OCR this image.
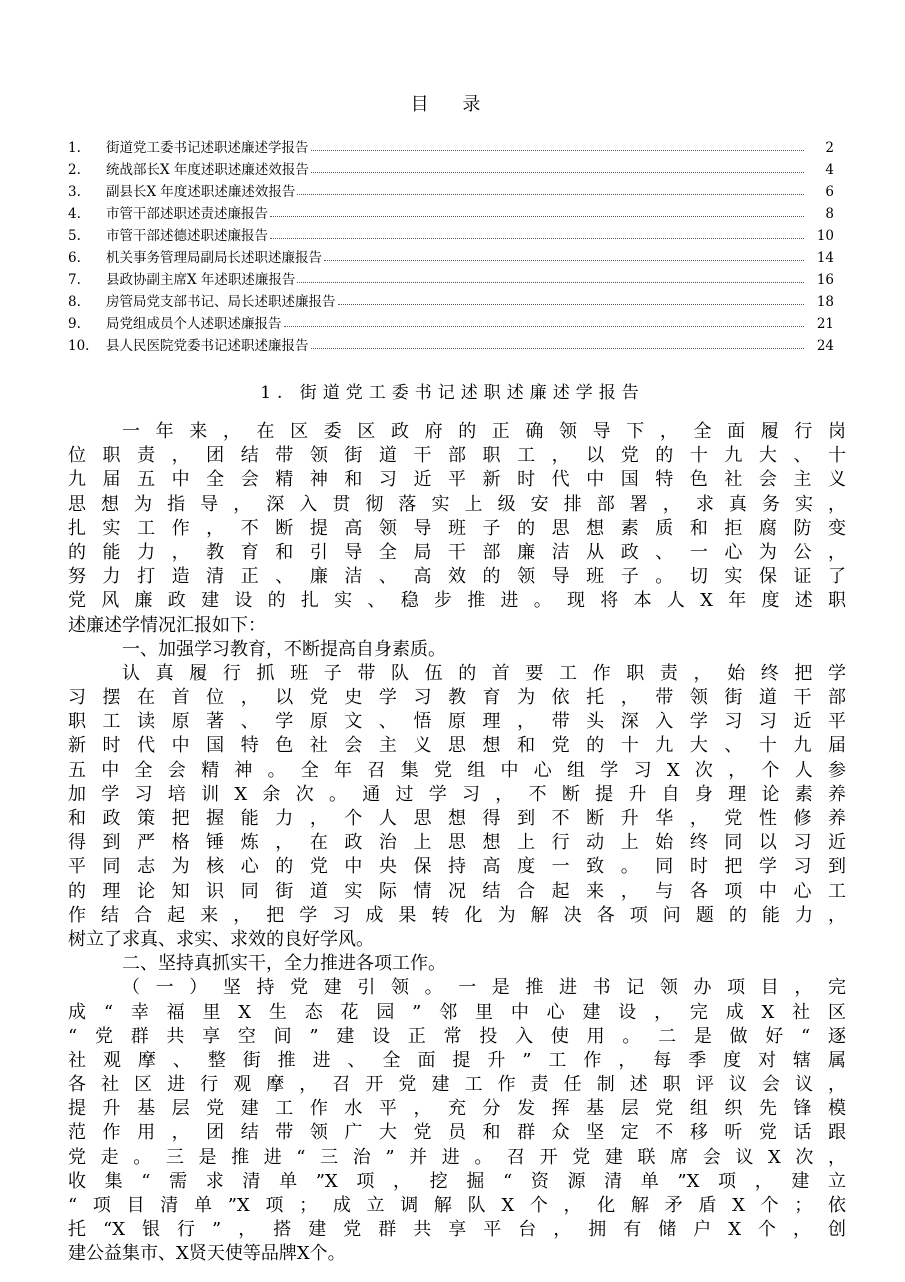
目 录
1.	街道党工委书记述职述廉述学报告	2
2.	统战部长X 年度述职述廉述效报告	4
3.	副县长X 年度述职述廉述效报告	6
4.	市管干部述职述责述廉报告	8
5.	市管干部述德述职述廉报告	10
6.	机关事务管理局副局长述职述廉报告	14
7.	县政协副主席X 年述职述廉报告	16
8.	房管局党支部书记、局长述职述廉报告	18
9.	局党组成员个人述职述廉报告	21
10.	县人民医院党委书记述职述廉报告	24
1. 街道党工委书记述职述廉述学报告
一年来，在区委区政府的正确领导下，全面履行岗
位职责，团结带领街道干部职工，以党的十九大、十
九届五中全会精神和习近平新时代中国特色社会主义
思想为指导，深入贯彻落实上级安排部署，求真务实，
扎实工作，不断提高领导班子的思想素质和拒腐防变
的能力，教育和引导全局干部廉洁从政、一心为公，
努力打造清正、廉洁、高效的领导班子。切实保证了
党风廉政建设的扎实、稳步推进。现将本人X年度述职
述廉述学情况汇报如下：
一、加强学习教育，不断提高自身素质。
认真履行抓班子带队伍的首要工作职责，始终把学
习摆在首位，以党史学习教育为依托，带领街道干部
职工读原著、学原文、悟原理，带头深入学习习近平
新时代中国特色社会主义思想和党的十九大、十九届
五中全会精神。全年召集党组中心组学习X次，个人参
加学习培训X余次。通过学习，不断提升自身理论素养
和政策把握能力，个人思想得到不断升华，党性修养
得到严格锤炼，在政治上思想上行动上始终同以习近
平同志为核心的党中央保持高度一致。同时把学习到
的理论知识同街道实际情况结合起来，与各项中心工
作结合起来，把学习成果转化为解决各项问题的能力，
树立了求真、求实、求效的良好学风。
二、坚持真抓实干，全力推进各项工作。
（一）坚持党建引领。一是推进书记领办项目，完
成“幸福里X生态花园”邻里中心建设，完成X社区
“党群共享空间”建设正常投入使用。二是做好“逐
社观摩、整街推进、全面提升”工作，每季度对辖属
各社区进行观摩，召开党建工作责任制述职评议会议，
提升基层党建工作水平，充分发挥基层党组织先锋模
范作用，团结带领广大党员和群众坚定不移听党话跟
党走。三是推进“三治”并进。召开党建联席会议X次，
收集“需求清单”X项，挖掘“资源清单”X项，建立
“项目清单”X项；成立调解队X个，化解矛盾X个；依
托“X银行”，搭建党群共享平台，拥有储户X个，创
建公益集市、X贤天使等品牌X个。
